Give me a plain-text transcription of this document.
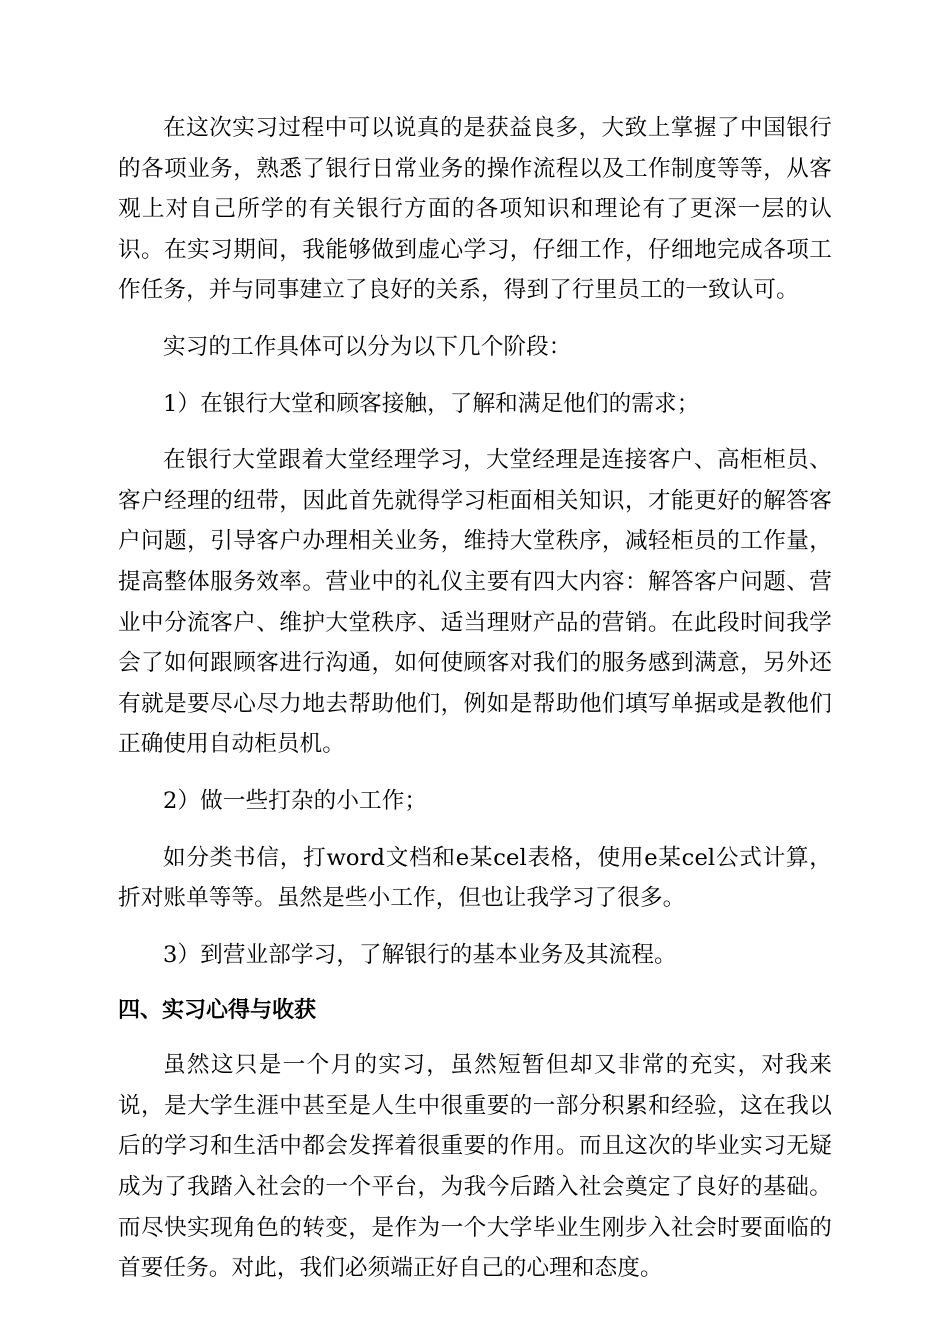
在这次实习过程中可以说真的是获益良多，大致上掌握了中国银行的各项业务，熟悉了银行日常业务的操作流程以及工作制度等等，从客观上对自己所学的有关银行方面的各项知识和理论有了更深一层的认识。在实习期间，我能够做到虚心学习，仔细工作，仔细地完成各项工作任务，并与同事建立了良好的关系，得到了行里员工的一致认可。

实习的工作具体可以分为以下几个阶段：

1）在银行大堂和顾客接触，了解和满足他们的需求；

在银行大堂跟着大堂经理学习，大堂经理是连接客户、高柜柜员、客户经理的纽带，因此首先就得学习柜面相关知识，才能更好的解答客户问题，引导客户办理相关业务，维持大堂秩序，减轻柜员的工作量，提高整体服务效率。营业中的礼仪主要有四大内容：解答客户问题、营业中分流客户、维护大堂秩序、适当理财产品的营销。在此段时间我学会了如何跟顾客进行沟通，如何使顾客对我们的服务感到满意，另外还有就是要尽心尽力地去帮助他们，例如是帮助他们填写单据或是教他们正确使用自动柜员机。

2）做一些打杂的小工作；

如分类书信，打word文档和e某cel表格，使用e某cel公式计算，折对账单等等。虽然是些小工作，但也让我学习了很多。

3）到营业部学习，了解银行的基本业务及其流程。

四、实习心得与收获

虽然这只是一个月的实习，虽然短暂但却又非常的充实，对我来说，是大学生涯中甚至是人生中很重要的一部分积累和经验，这在我以后的学习和生活中都会发挥着很重要的作用。而且这次的毕业实习无疑成为了我踏入社会的一个平台，为我今后踏入社会奠定了良好的基础。而尽快实现角色的转变，是作为一个大学毕业生刚步入社会时要面临的首要任务。对此，我们必须端正好自己的心理和态度。
